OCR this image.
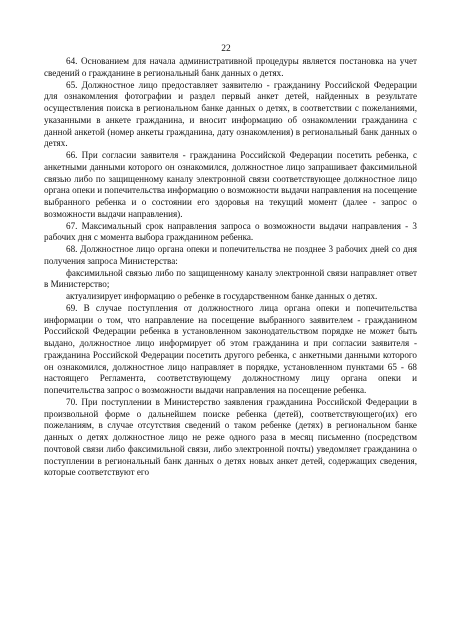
22

64. Основанием для начала административной процедуры является постановка на учет сведений о гражданине в региональный банк данных о детях.

65. Должностное лицо предоставляет заявителю - гражданину Российской Федерации для ознакомления фотографии и раздел первый анкет детей, найденных в результате осуществления поиска в региональном банке данных о детях, в соответствии с пожеланиями, указанными в анкете гражданина, и вносит информацию об ознакомлении гражданина с данной анкетой (номер анкеты гражданина, дату ознакомления) в региональный банк данных о детях.

66. При согласии заявителя - гражданина Российской Федерации посетить ребенка, с анкетными данными которого он ознакомился, должностное лицо запрашивает факсимильной связью либо по защищенному каналу электронной связи соответствующее должностное лицо органа опеки и попечительства информацию о возможности выдачи направления на посещение выбранного ребенка и о состоянии его здоровья на текущий момент (далее - запрос о возможности выдачи направления).

67. Максимальный срок направления запроса о возможности выдачи направления - 3 рабочих дня с момента выбора гражданином ребенка.

68. Должностное лицо органа опеки и попечительства не позднее 3 рабочих дней со дня получения запроса Министерства:

факсимильной связью либо по защищенному каналу электронной связи направляет ответ в Министерство;

актуализирует информацию о ребенке в государственном банке данных о детях.

69. В случае поступления от должностного лица органа опеки и попечительства информации о том, что направление на посещение выбранного заявителем - гражданином Российской Федерации ребенка в установленном законодательством порядке не может быть выдано, должностное лицо информирует об этом гражданина и при согласии заявителя - гражданина Российской Федерации посетить другого ребенка, с анкетными данными которого он ознакомился, должностное лицо направляет в порядке, установленном пунктами 65 - 68 настоящего Регламента, соответствующему должностному лицу органа опеки и попечительства запрос о возможности выдачи направления на посещение ребенка.

70. При поступлении в Министерство заявления гражданина Российской Федерации в произвольной форме о дальнейшем поиске ребенка (детей), соответствующего(их) его пожеланиям, в случае отсутствия сведений о таком ребенке (детях) в региональном банке данных о детях должностное лицо не реже одного раза в месяц письменно (посредством почтовой связи либо факсимильной связи, либо электронной почты) уведомляет гражданина о поступлении в региональный банк данных о детях новых анкет детей, содержащих сведения, которые соответствуют его
